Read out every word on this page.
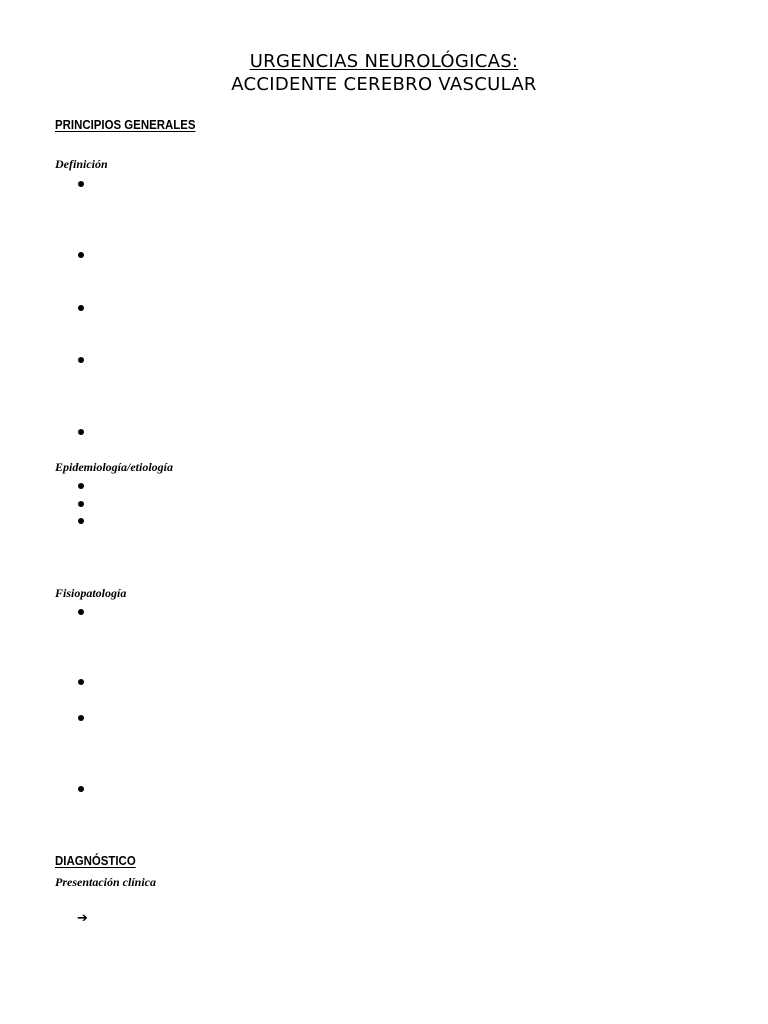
URGENCIAS NEUROLÓGICAS:
ACCIDENTE CEREBRO VASCULAR
PRINCIPIOS GENERALES
Definición
Epidemiología/etiología
Fisiopatología
DIAGNÓSTICO
Presentación clínica
➔
